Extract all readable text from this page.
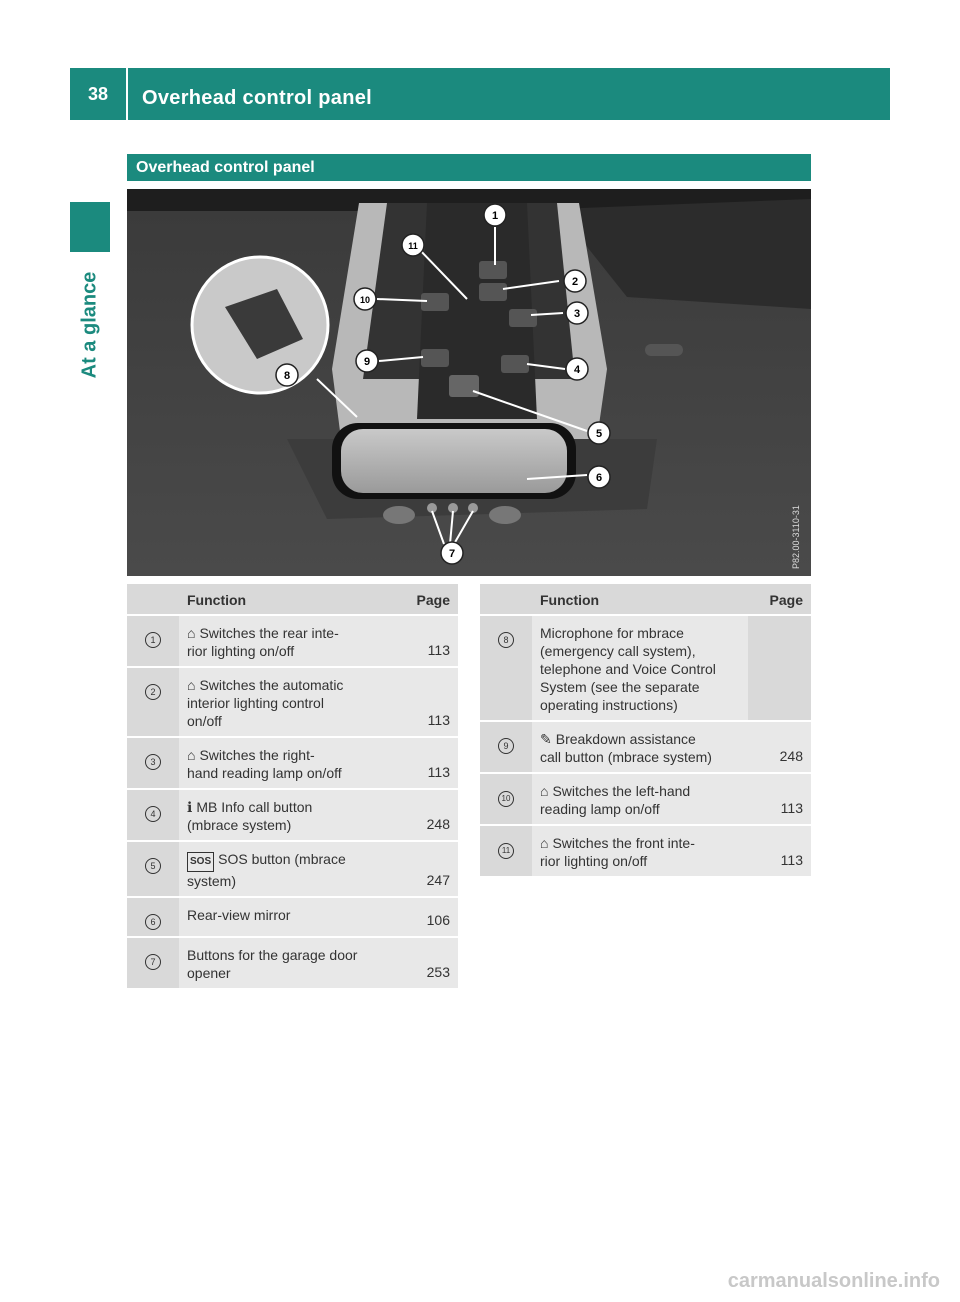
38	Overhead control panel
At a glance
Overhead control panel
1
2
3
4
5
6
7
8
9
10
11
P82.00-3110-31
	Function	Page
1	⌂ Switches the rear inte-
rior lighting on/off	113
2	⌂ Switches the automatic
interior lighting control
on/off	113
3	⌂ Switches the right-
hand reading lamp on/off	113
4	ℹ MB Info call button
(mbrace system)	248
5	SOS SOS button (mbrace
system)	247
6	Rear-view mirror	106
7	Buttons for the garage door
opener	253
	Function	Page
8	Microphone for mbrace
(emergency call system),
telephone and Voice Control
System (see the separate
operating instructions)	
9	✎ Breakdown assistance
call button (mbrace system)	248
10	⌂ Switches the left-hand
reading lamp on/off	113
11	⌂ Switches the front inte-
rior lighting on/off	113
carmanualsonline.info
